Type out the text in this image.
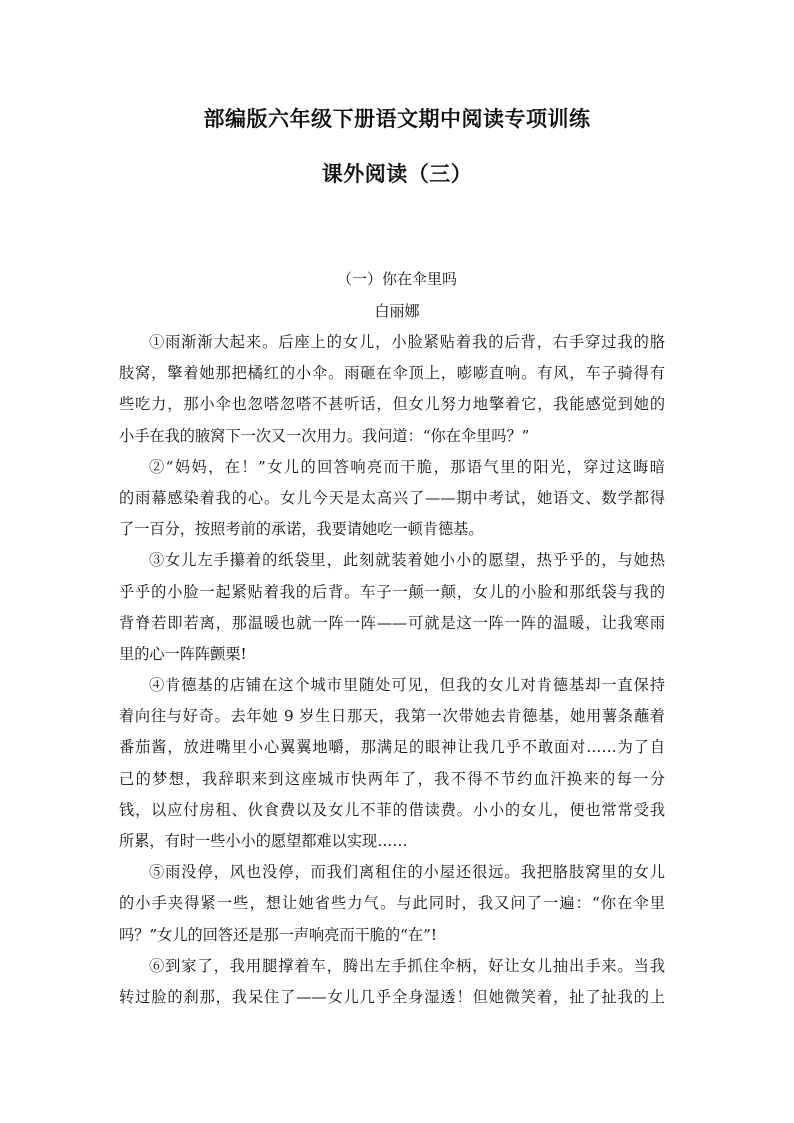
部编版六年级下册语文期中阅读专项训练
课外阅读（三）
（一）你在伞里吗
白丽娜
①雨渐渐大起来。后座上的女儿，小脸紧贴着我的后背，右手穿过我的胳
肢窝，擎着她那把橘红的小伞。雨砸在伞顶上，嘭嘭直响。有风，车子骑得有
些吃力，那小伞也忽嗒忽嗒不甚听话，但女儿努力地擎着它，我能感觉到她的
小手在我的腋窝下一次又一次用力。我问道：“你在伞里吗？”
②“妈妈，在！”女儿的回答响亮而干脆，那语气里的阳光，穿过这晦暗
的雨幕感染着我的心。女儿今天是太高兴了——期中考试，她语文、数学都得
了一百分，按照考前的承诺，我要请她吃一顿肯德基。
③女儿左手攥着的纸袋里，此刻就装着她小小的愿望，热乎乎的，与她热
乎乎的小脸一起紧贴着我的后背。车子一颠一颠，女儿的小脸和那纸袋与我的
背脊若即若离，那温暖也就一阵一阵——可就是这一阵一阵的温暖，让我寒雨
里的心一阵阵颤栗!
④肯德基的店铺在这个城市里随处可见，但我的女儿对肯德基却一直保持
着向往与好奇。去年她 9 岁生日那天，我第一次带她去肯德基，她用薯条蘸着
番茄酱，放进嘴里小心翼翼地嚼，那满足的眼神让我几乎不敢面对……为了自
己的梦想，我辞职来到这座城市快两年了，我不得不节约血汗换来的每一分
钱，以应付房租、伙食费以及女儿不菲的借读费。小小的女儿，便也常常受我
所累，有时一些小小的愿望都难以实现……
⑤雨没停，风也没停，而我们离租住的小屋还很远。我把胳肢窝里的女儿
的小手夹得紧一些，想让她省些力气。与此同时，我又问了一遍：“你在伞里
吗？”女儿的回答还是那一声响亮而干脆的“在”!
⑥到家了，我用腿撑着车，腾出左手抓住伞柄，好让女儿抽出手来。当我
转过脸的刹那，我呆住了——女儿几乎全身湿透！但她微笑着，扯了扯我的上
